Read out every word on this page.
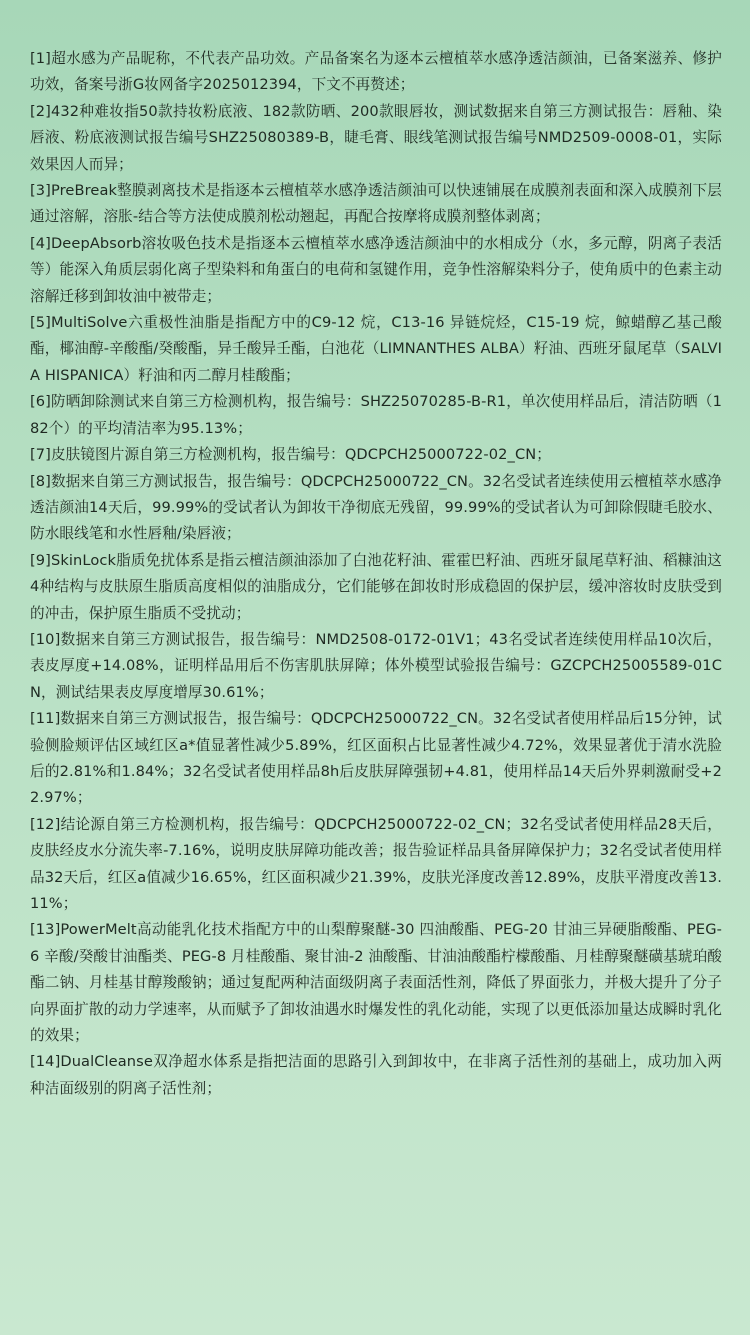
[1]超水感为产品昵称，不代表产品功效。产品备案名为逐本云檀植萃水感净透洁颜油，已备案滋养、修护功效，备案号浙G妆网备字2025012394，下文不再赘述；
[2]432种难妆指50款持妆粉底液、182款防晒、200款眼唇妆，测试数据来自第三方测试报告：唇釉、染唇液、粉底液测试报告编号SHZ25080389-B，睫毛膏、眼线笔测试报告编号NMD2509-0008-01，实际效果因人而异；
[3]PreBreak整膜剥离技术是指逐本云檀植萃水感净透洁颜油可以快速铺展在成膜剂表面和深入成膜剂下层通过溶解，溶胀-结合等方法使成膜剂松动翘起，再配合按摩将成膜剂整体剥离；
[4]DeepAbsorb溶妆吸色技术是指逐本云檀植萃水感净透洁颜油中的水相成分（水，多元醇，阴离子表活等）能深入角质层弱化离子型染料和角蛋白的电荷和氢键作用，竞争性溶解染料分子，使角质中的色素主动溶解迁移到卸妆油中被带走；
[5]MultiSolve六重极性油脂是指配方中的C9-12 烷，C13-16 异链烷烃，C15-19 烷，鲸蜡醇乙基己酸酯，椰油醇-辛酸酯/癸酸酯，异壬酸异壬酯，白池花（LIMNANTHES ALBA）籽油、西班牙鼠尾草（SALVIA HISPANICA）籽油和丙二醇月桂酸酯；
[6]防晒卸除测试来自第三方检测机构，报告编号：SHZ25070285-B-R1，单次使用样品后，清洁防晒（182个）的平均清洁率为95.13%；
[7]皮肤镜图片源自第三方检测机构，报告编号：QDCPCH25000722-02_CN；
[8]数据来自第三方测试报告，报告编号：QDCPCH25000722_CN。32名受试者连续使用云檀植萃水感净透洁颜油14天后，99.99%的受试者认为卸妆干净彻底无残留，99.99%的受试者认为可卸除假睫毛胶水、防水眼线笔和水性唇釉/染唇液；
[9]SkinLock脂质免扰体系是指云檀洁颜油添加了白池花籽油、霍霍巴籽油、西班牙鼠尾草籽油、稻糠油这4种结构与皮肤原生脂质高度相似的油脂成分，它们能够在卸妆时形成稳固的保护层，缓冲溶妆时皮肤受到的冲击，保护原生脂质不受扰动；
[10]数据来自第三方测试报告，报告编号：NMD2508-0172-01V1；43名受试者连续使用样品10次后，表皮厚度+14.08%，证明样品用后不伤害肌肤屏障；体外模型试验报告编号：GZCPCH25005589-01CN，测试结果表皮厚度增厚30.61%；
[11]数据来自第三方测试报告，报告编号：QDCPCH25000722_CN。32名受试者使用样品后15分钟，试验侧脸颊评估区域红区a*值显著性减少5.89%，红区面积占比显著性减少4.72%，效果显著优于清水洗脸后的2.81%和1.84%；32名受试者使用样品8h后皮肤屏障强韧+4.81，使用样品14天后外界刺激耐受+22.97%；
[12]结论源自第三方检测机构，报告编号：QDCPCH25000722-02_CN；32名受试者使用样品28天后，皮肤经皮水分流失率-7.16%，说明皮肤屏障功能改善；报告验证样品具备屏障保护力；32名受试者使用样品32天后，红区a值减少16.65%，红区面积减少21.39%，皮肤光泽度改善12.89%，皮肤平滑度改善13.11%；
[13]PowerMelt高动能乳化技术指配方中的山梨醇聚醚-30 四油酸酯、PEG-20 甘油三异硬脂酸酯、PEG-6 辛酸/癸酸甘油酯类、PEG-8 月桂酸酯、聚甘油-2 油酸酯、甘油油酸酯柠檬酸酯、月桂醇聚醚磺基琥珀酸酯二钠、月桂基甘醇羧酸钠；通过复配两种洁面级阴离子表面活性剂，降低了界面张力，并极大提升了分子向界面扩散的动力学速率，从而赋予了卸妆油遇水时爆发性的乳化动能，实现了以更低添加量达成瞬时乳化的效果；
[14]DualCleanse双净超水体系是指把洁面的思路引入到卸妆中，在非离子活性剂的基础上，成功加入两种洁面级别的阴离子活性剂；
